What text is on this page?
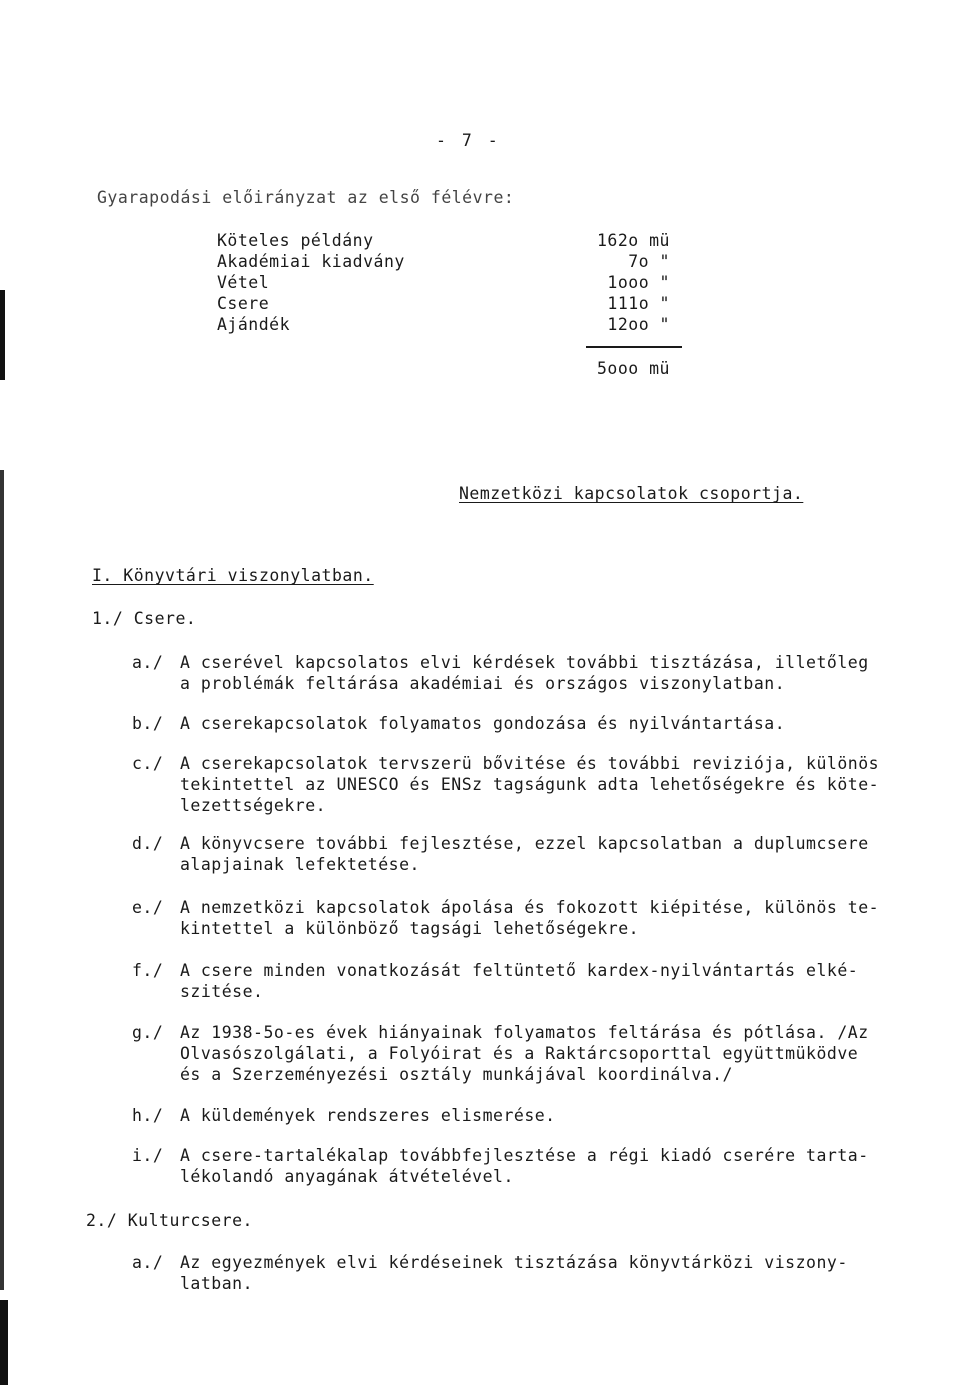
- 7 -
Gyarapodási előirányzat az első félévre:
Köteles példány	162o mü
Akadémiai kiadvány	7o "
Vétel	1ooo "
Csere	111o "
Ajándék	12oo "
5ooo mü
Nemzetközi kapcsolatok csoportja.
I. Könyvtári viszonylatban.
1./ Csere.
a./ A cserével kapcsolatos elvi kérdések további tisztázása, illetőleg
a problémák feltárása akadémiai és országos viszonylatban.
b./ A cserekapcsolatok folyamatos gondozása és nyilvántartása.
c./ A cserekapcsolatok tervszerü bővitése és további reviziója, különös
tekintettel az UNESCO és ENSz tagságunk adta lehetőségekre és köte-
lezettségekre.
d./ A könyvcsere további fejlesztése, ezzel kapcsolatban a duplumcsere
alapjainak lefektetése.
e./ A nemzetközi kapcsolatok ápolása és fokozott kiépitése, különös te-
kintettel a különböző tagsági lehetőségekre.
f./ A csere minden vonatkozását feltüntető kardex-nyilvántartás elké-
szitése.
g./ Az 1938-5o-es évek hiányainak folyamatos feltárása és pótlása. /Az
Olvasószolgálati, a Folyóirat és a Raktárcsoporttal együttmüködve
és a Szerzeményezési osztály munkájával koordinálva./
h./ A küldemények rendszeres elismerése.
i./ A csere-tartalékalap továbbfejlesztése a régi kiadó cserére tarta-
lékolandó anyagának átvételével.
2./ Kulturcsere.
a./ Az egyezmények elvi kérdéseinek tisztázása könyvtárközi viszony-
latban.
